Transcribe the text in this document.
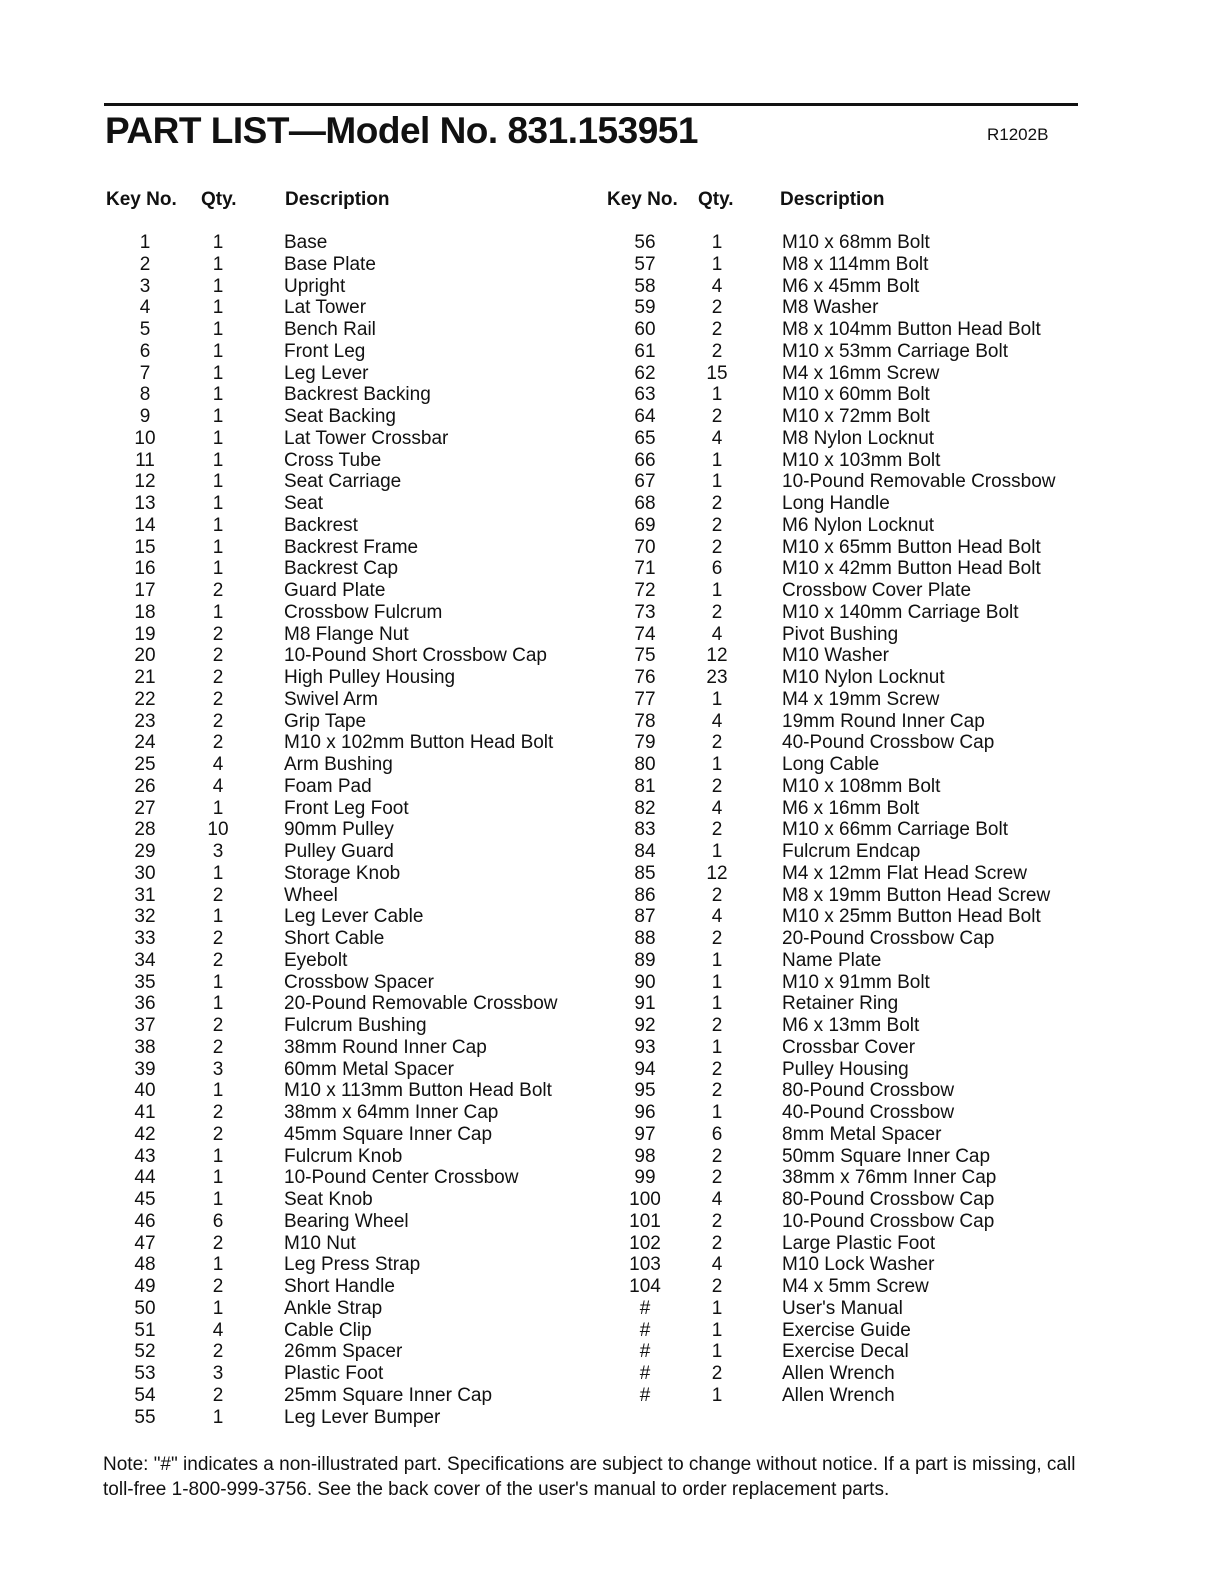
PART LIST—Model No. 831.153951	R1202B
Key No. Qty.	Description	Key No. Qty. Description
1	1	Base
2	1	Base Plate
3	1	Upright
4	1	Lat Tower
5	1	Bench Rail
6	1	Front Leg
7	1	Leg Lever
8	1	Backrest Backing
9	1	Seat Backing
10	1	Lat Tower Crossbar
11	1	Cross Tube
12	1	Seat Carriage
13	1	Seat
14	1	Backrest
15	1	Backrest Frame
16	1	Backrest Cap
17	2	Guard Plate
18	1	Crossbow Fulcrum
19	2	M8 Flange Nut
20	2	10-Pound Short Crossbow Cap
21	2	High Pulley Housing
22	2	Swivel Arm
23	2	Grip Tape
24	2	M10 x 102mm Button Head Bolt
25	4	Arm Bushing
26	4	Foam Pad
27	1	Front Leg Foot
28	10	90mm Pulley
29	3	Pulley Guard
30	1	Storage Knob
31	2	Wheel
32	1	Leg Lever Cable
33	2	Short Cable
34	2	Eyebolt
35	1	Crossbow Spacer
36	1	20-Pound Removable Crossbow
37	2	Fulcrum Bushing
38	2	38mm Round Inner Cap
39	3	60mm Metal Spacer
40	1	M10 x 113mm Button Head Bolt
41	2	38mm x 64mm Inner Cap
42	2	45mm Square Inner Cap
43	1	Fulcrum Knob
44	1	10-Pound Center Crossbow
45	1	Seat Knob
46	6	Bearing Wheel
47	2	M10 Nut
48	1	Leg Press Strap
49	2	Short Handle
50	1	Ankle Strap
51	4	Cable Clip
52	2	26mm Spacer
53	3	Plastic Foot
54	2	25mm Square Inner Cap
55	1	Leg Lever Bumper
56	1	M10 x 68mm Bolt
57	1	M8 x 114mm Bolt
58	4	M6 x 45mm Bolt
59	2	M8 Washer
60	2	M8 x 104mm Button Head Bolt
61	2	M10 x 53mm Carriage Bolt
62	15	M4 x 16mm Screw
63	1	M10 x 60mm Bolt
64	2	M10 x 72mm Bolt
65	4	M8 Nylon Locknut
66	1	M10 x 103mm Bolt
67	1	10-Pound Removable Crossbow
68	2	Long Handle
69	2	M6 Nylon Locknut
70	2	M10 x 65mm Button Head Bolt
71	6	M10 x 42mm Button Head Bolt
72	1	Crossbow Cover Plate
73	2	M10 x 140mm Carriage Bolt
74	4	Pivot Bushing
75	12	M10 Washer
76	23	M10 Nylon Locknut
77	1	M4 x 19mm Screw
78	4	19mm Round Inner Cap
79	2	40-Pound Crossbow Cap
80	1	Long Cable
81	2	M10 x 108mm Bolt
82	4	M6 x 16mm Bolt
83	2	M10 x 66mm Carriage Bolt
84	1	Fulcrum Endcap
85	12	M4 x 12mm Flat Head Screw
86	2	M8 x 19mm Button Head Screw
87	4	M10 x 25mm Button Head Bolt
88	2	20-Pound Crossbow Cap
89	1	Name Plate
90	1	M10 x 91mm Bolt
91	1	Retainer Ring
92	2	M6 x 13mm Bolt
93	1	Crossbar Cover
94	2	Pulley Housing
95	2	80-Pound Crossbow
96	1	40-Pound Crossbow
97	6	8mm Metal Spacer
98	2	50mm Square Inner Cap
99	2	38mm x 76mm Inner Cap
100	4	80-Pound Crossbow Cap
101	2	10-Pound Crossbow Cap
102	2	Large Plastic Foot
103	4	M10 Lock Washer
104	2	M4 x 5mm Screw
#	1	User's Manual
#	1	Exercise Guide
#	1	Exercise Decal
#	2	Allen Wrench
#	1	Allen Wrench
Note: "#" indicates a non-illustrated part. Specifications are subject to change without notice. If a part is missing, call toll-free 1-800-999-3756. See the back cover of the user's manual to order replacement parts.
